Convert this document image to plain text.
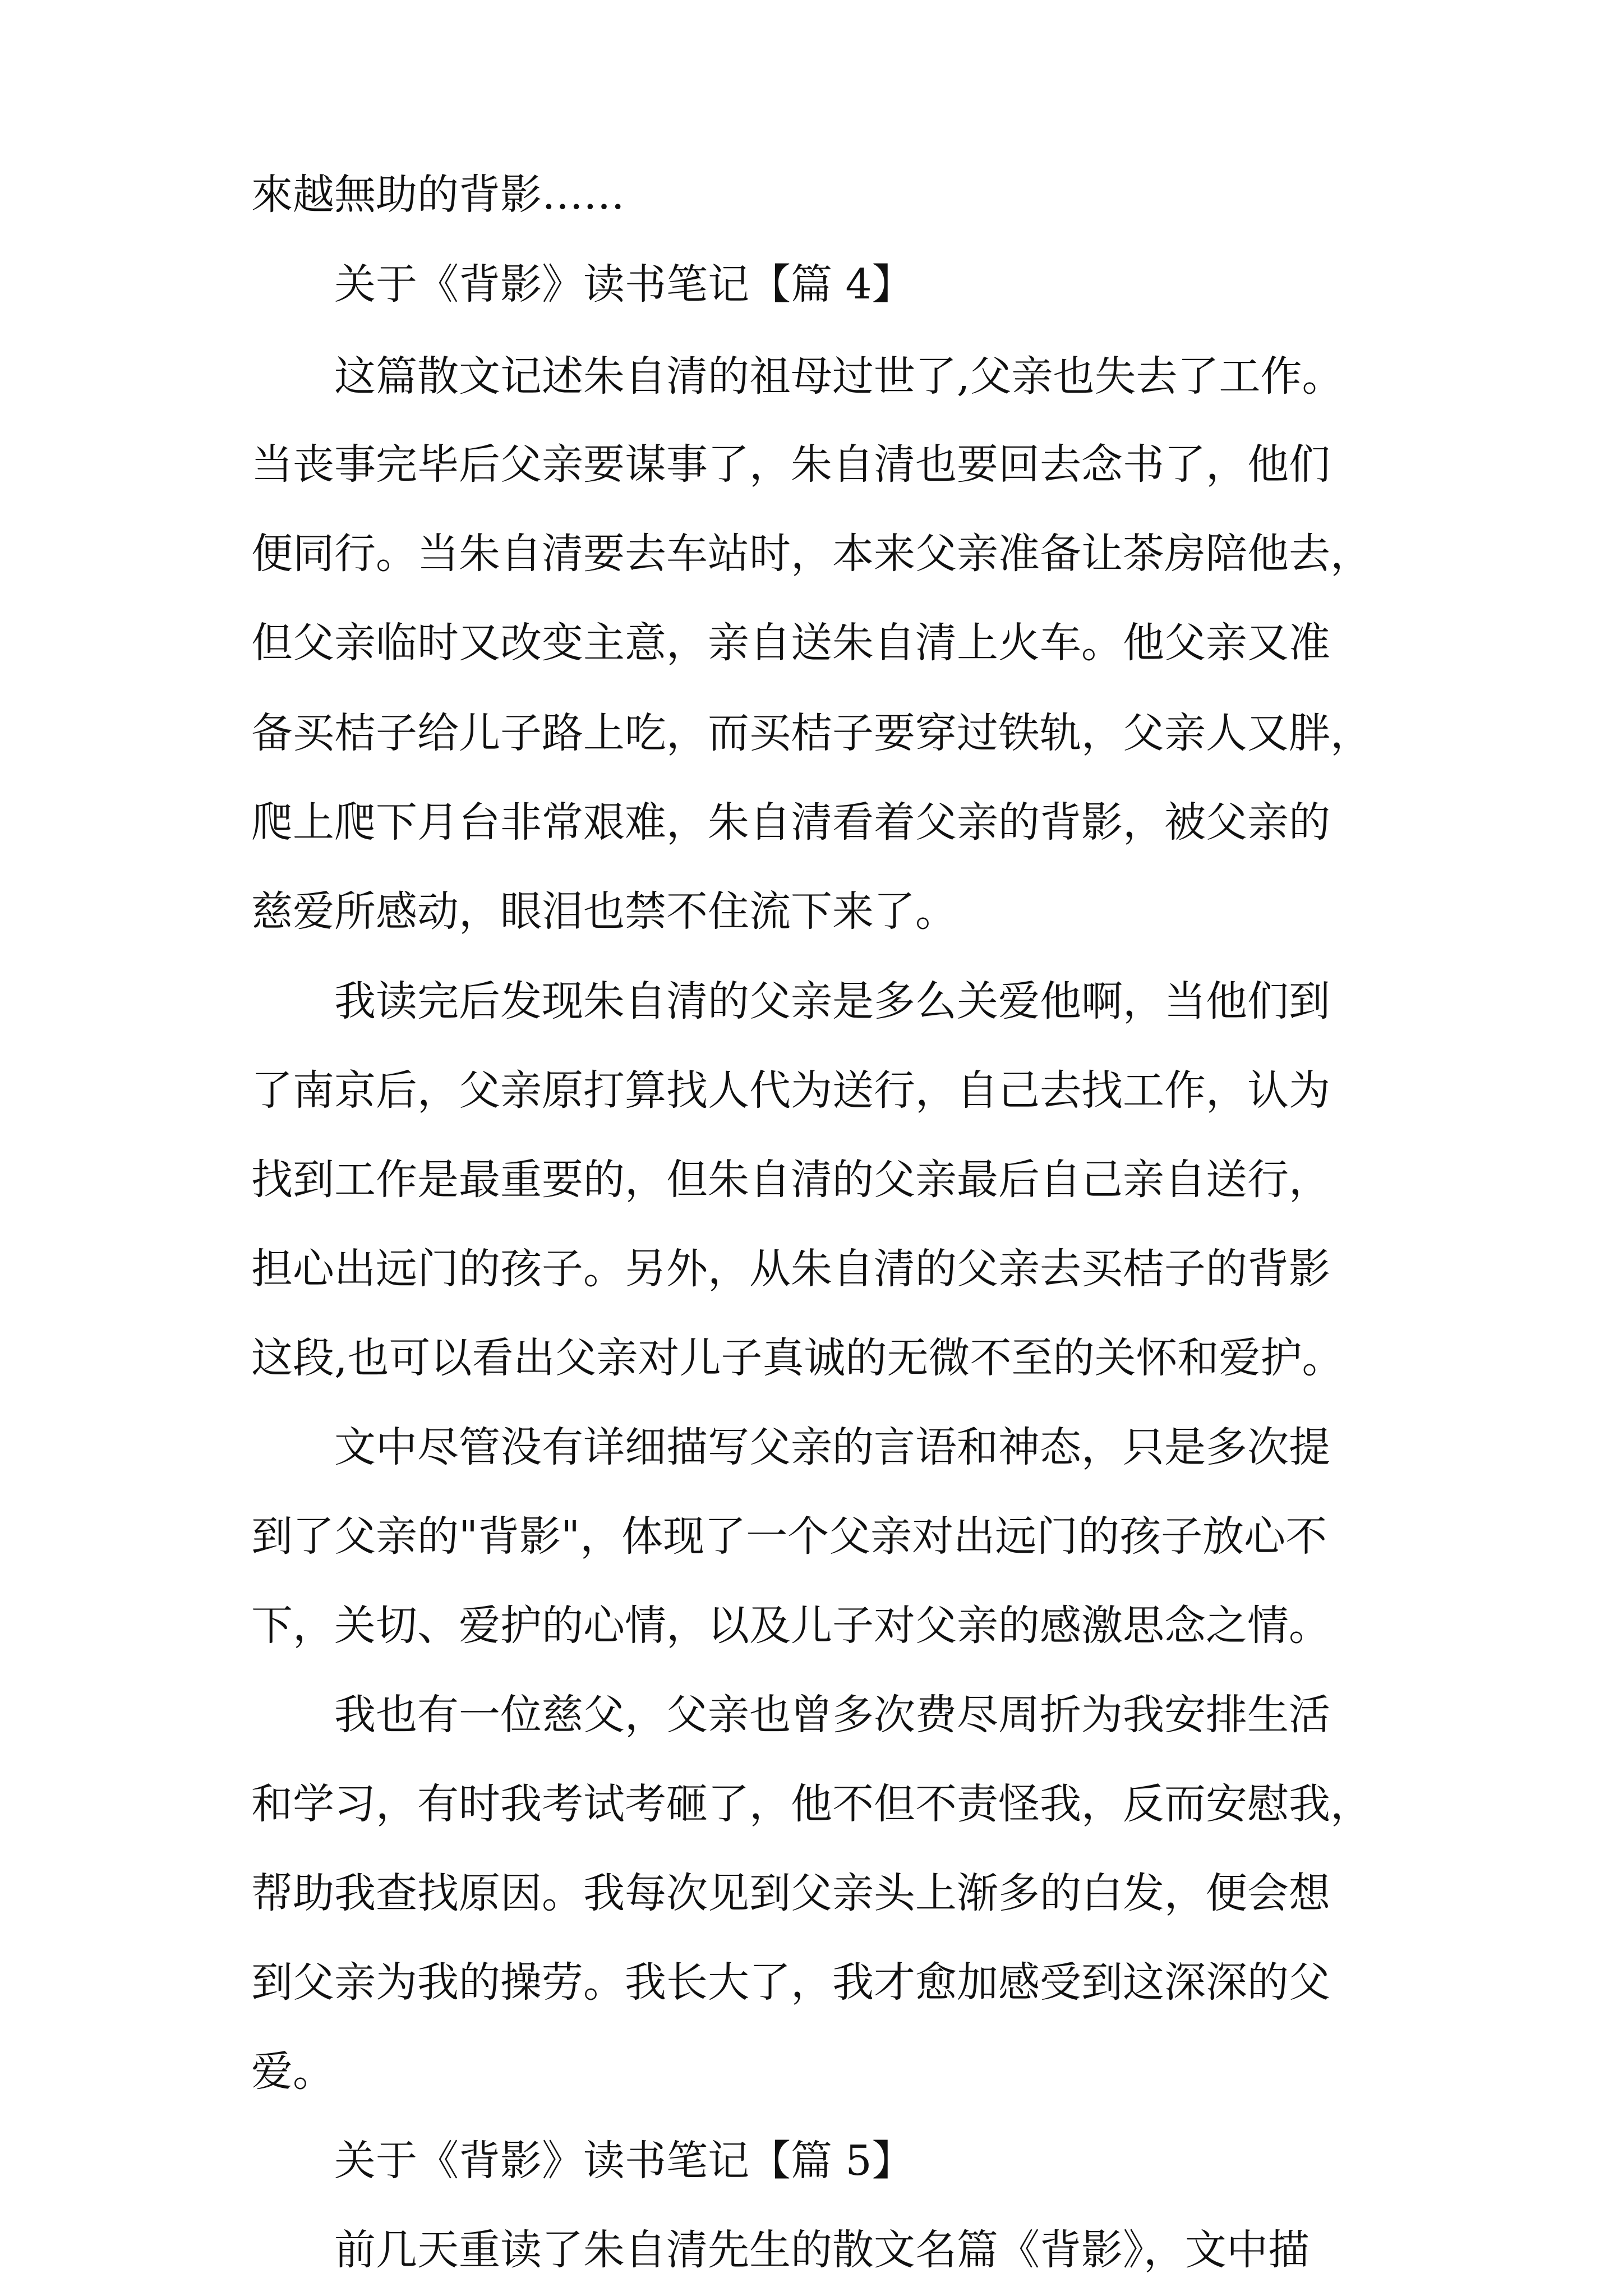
來越無助的背影……
关于《背影》读书笔记【篇 4】
这篇散文记述朱自清的祖母过世了,父亲也失去了工作。
当丧事完毕后父亲要谋事了，朱自清也要回去念书了，他们
便同行。当朱自清要去车站时，本来父亲准备让茶房陪他去，
但父亲临时又改变主意，亲自送朱自清上火车。他父亲又准
备买桔子给儿子路上吃，而买桔子要穿过铁轨，父亲人又胖，
爬上爬下月台非常艰难，朱自清看着父亲的背影，被父亲的
慈爱所感动，眼泪也禁不住流下来了。
我读完后发现朱自清的父亲是多么关爱他啊，当他们到
了南京后，父亲原打算找人代为送行，自己去找工作，认为
找到工作是最重要的，但朱自清的父亲最后自己亲自送行，
担心出远门的孩子。另外，从朱自清的父亲去买桔子的背影
这段,也可以看出父亲对儿子真诚的无微不至的关怀和爱护。
文中尽管没有详细描写父亲的言语和神态，只是多次提
到了父亲的"背影"，体现了一个父亲对出远门的孩子放心不
下，关切、爱护的心情，以及儿子对父亲的感激思念之情。
我也有一位慈父，父亲也曾多次费尽周折为我安排生活
和学习，有时我考试考砸了，他不但不责怪我，反而安慰我，
帮助我查找原因。我每次见到父亲头上渐多的白发，便会想
到父亲为我的操劳。我长大了，我才愈加感受到这深深的父
爱。
关于《背影》读书笔记【篇 5】
前几天重读了朱自清先生的散文名篇《背影》，文中描
